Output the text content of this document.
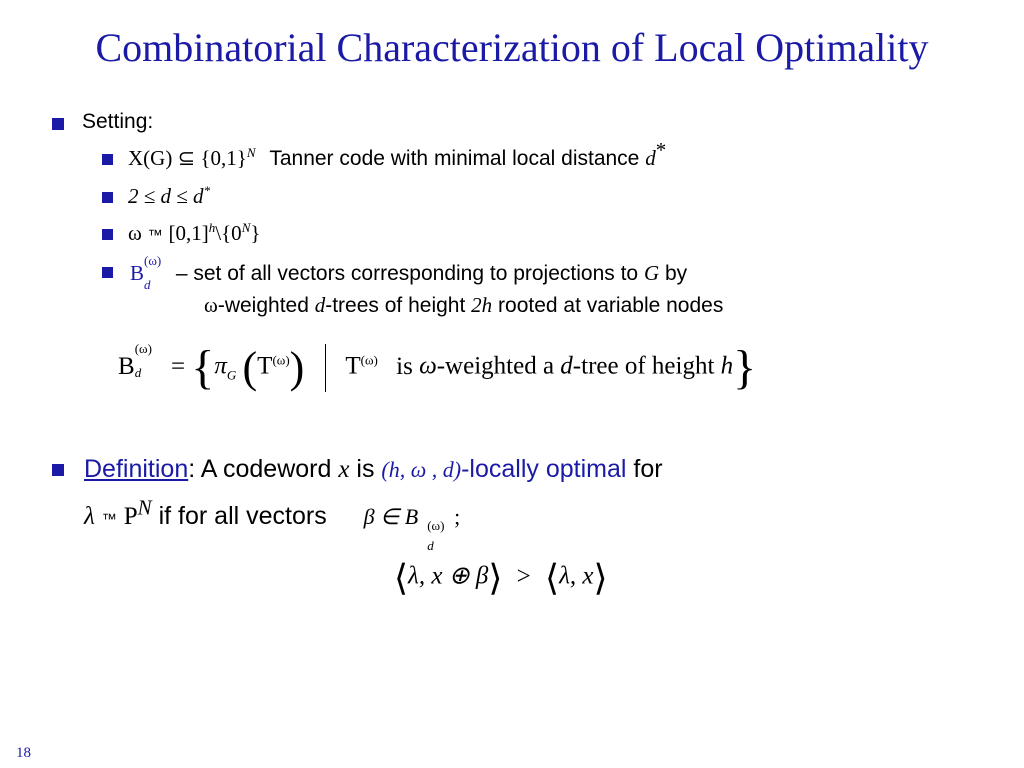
Combinatorial Characterization of Local Optimality
Setting:
X(G) ⊆ $\{0,1\}^N$ Tanner code with minimal local distance d*
2 ≤ d ≤ d*
ω ™ $[0,1]^h\backslash\{0^N\}$
B
(ω)
d – set of all vectors corresponding to projections to G by
ω-weighted d-trees of height 2h rooted at variable nodes
B
(ω)
$d = \{\pi_G$ $(T^{(\omega)})$ $T^{(\omega)}$ is ω-weighted a d-tree of height h}
Definition: A codeword x is (h, ω , d)-locally optimal for
λ ™ $P^N$ if for all vectors β ∈ B (ω)
d
;
⟨λ, x ⊕ β⟩ > ⟨λ, x⟩
18
